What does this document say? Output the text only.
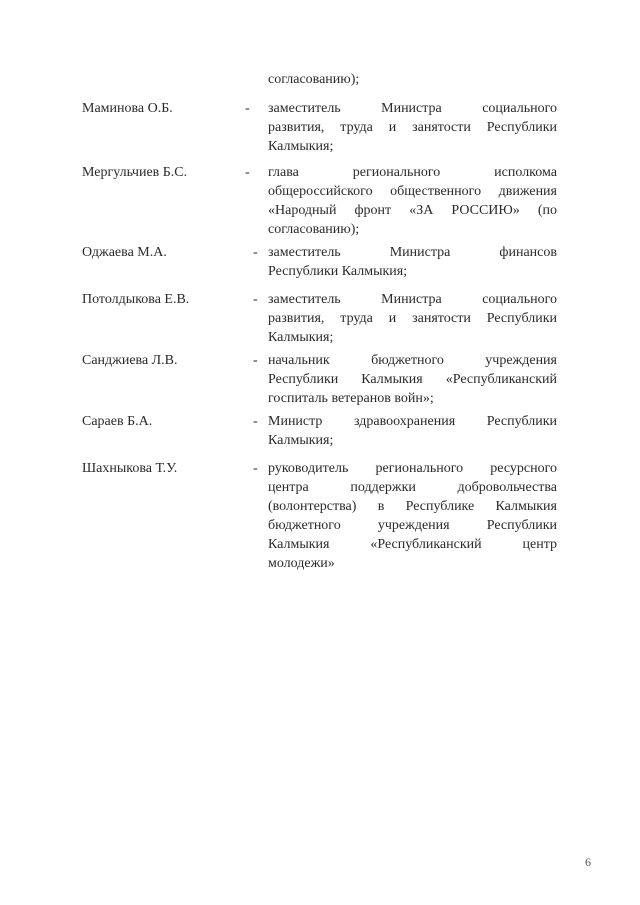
согласованию);
Маминова О.Б.	- заместитель Министра социального
развития, труда и занятости Республики
Калмыкия;
Мергульчиев Б.С.	- глава регионального исполкома
общероссийского общественного движения
«Народный фронт «ЗА РОССИЮ» (по
согласованию);
Оджаева М.А.	- заместитель Министра финансов
Республики Калмыкия;
Потолдыкова Е.В.	- заместитель Министра социального
развития, труда и занятости Республики
Калмыкия;
Санджиева Л.В.	- начальник бюджетного учреждения
Республики Калмыкия «Республиканский
госпиталь ветеранов войн»;
Сараев Б.А.	- Министр здравоохранения Республики
Калмыкия;
Шахныкова Т.У.	- руководитель регионального ресурсного
центра поддержки добровольчества
(волонтерства) в Республике Калмыкия
бюджетного учреждения Республики
Калмыкия «Республиканский центр
молодежи»
6
